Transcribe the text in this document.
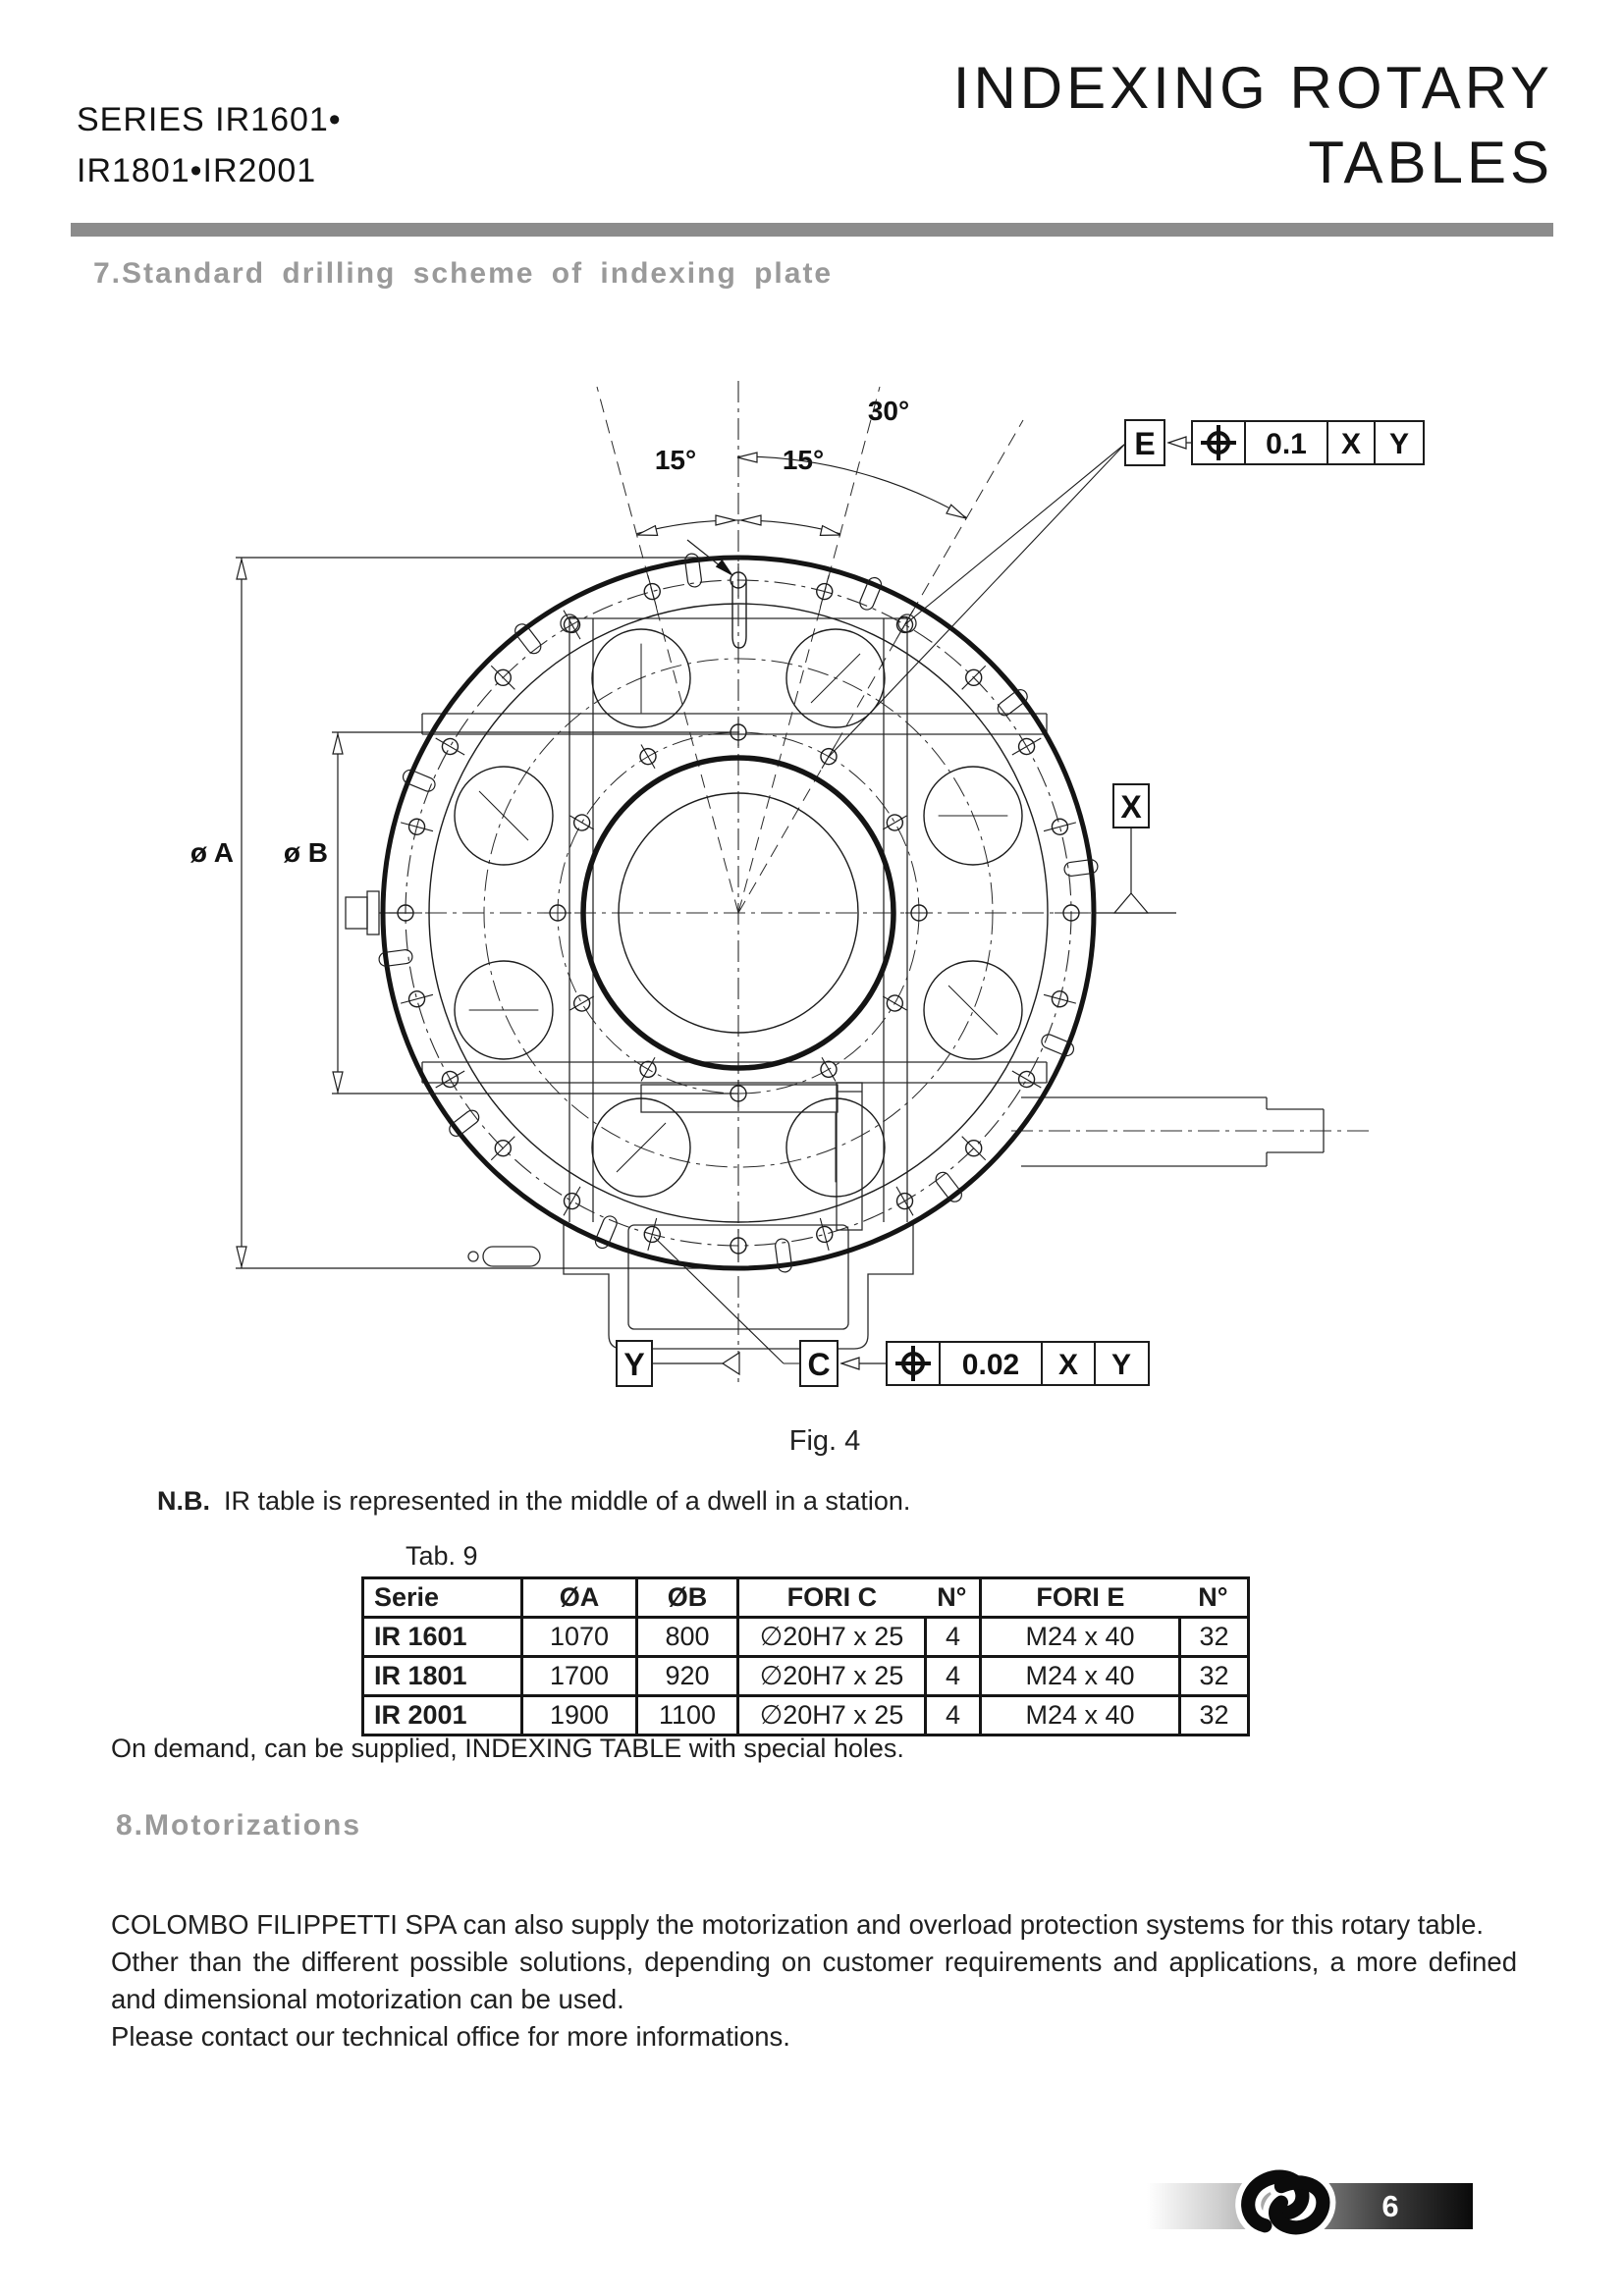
SERIES IR1601•
IR1801•IR2001
INDEXING ROTARY
TABLES
7.Standard drilling scheme of indexing plate
ø A ø B
15°	15°
30°
E	0.1 X Y
X
Y	C	0.02 X Y
Fig. 4
N.B. IR table is represented in the middle of a dwell in a station.
Tab. 9
Serie	ØA	ØB	FORI C	N°	FORI E	N°
IR 1601	1070	800	∅20H7 x 25	4	M24 x 40	32
IR 1801	1700	920	∅20H7 x 25	4	M24 x 40	32
IR 2001	1900	1100	∅20H7 x 25	4	M24 x 40	32
On demand, can be supplied, INDEXING TABLE with special holes.
8.Motorizations

COLOMBO FILIPPETTI SPA can also supply the motorization and overload protection systems for this rotary table.

Other than the different possible solutions, depending on customer requirements and applications, a more defined and dimensional motorization can be used.

Please contact our technical office for more informations.

6
